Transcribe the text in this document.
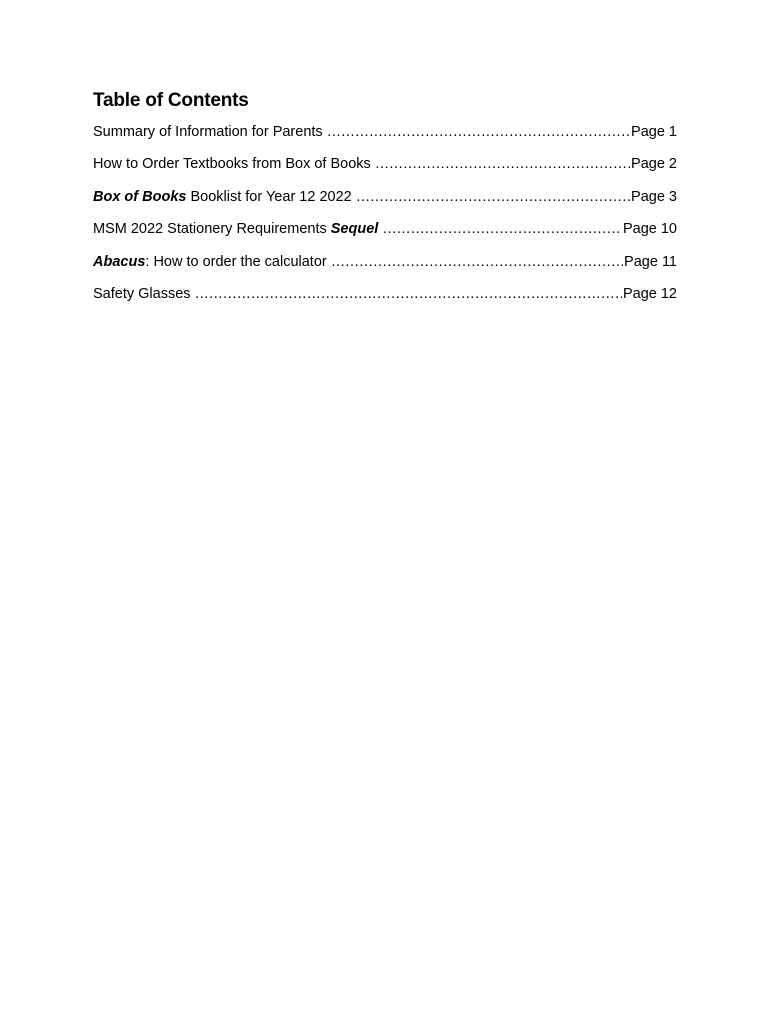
Table of Contents
Summary of Information for Parents ………………………………………………………………………………………………………………………………………………………………………………………………	Page 1
How to Order Textbooks from Box of Books ………………………………………………………………………………………………………………………………………………………………………………………………	Page 2
Box of Books Booklist for Year 12 2022 ………………………………………………………………………………………………………………………………………………………………………………………………	Page 3
MSM 2022 Stationery Requirements Sequel ………………………………………………………………………………………………………………………………………………………………………………………………	Page 10
Abacus: How to order the calculator ………………………………………………………………………………………………………………………………………………………………………………………………	Page 11
Safety Glasses ………………………………………………………………………………………………………………………………………………………………………………………………	Page 12
